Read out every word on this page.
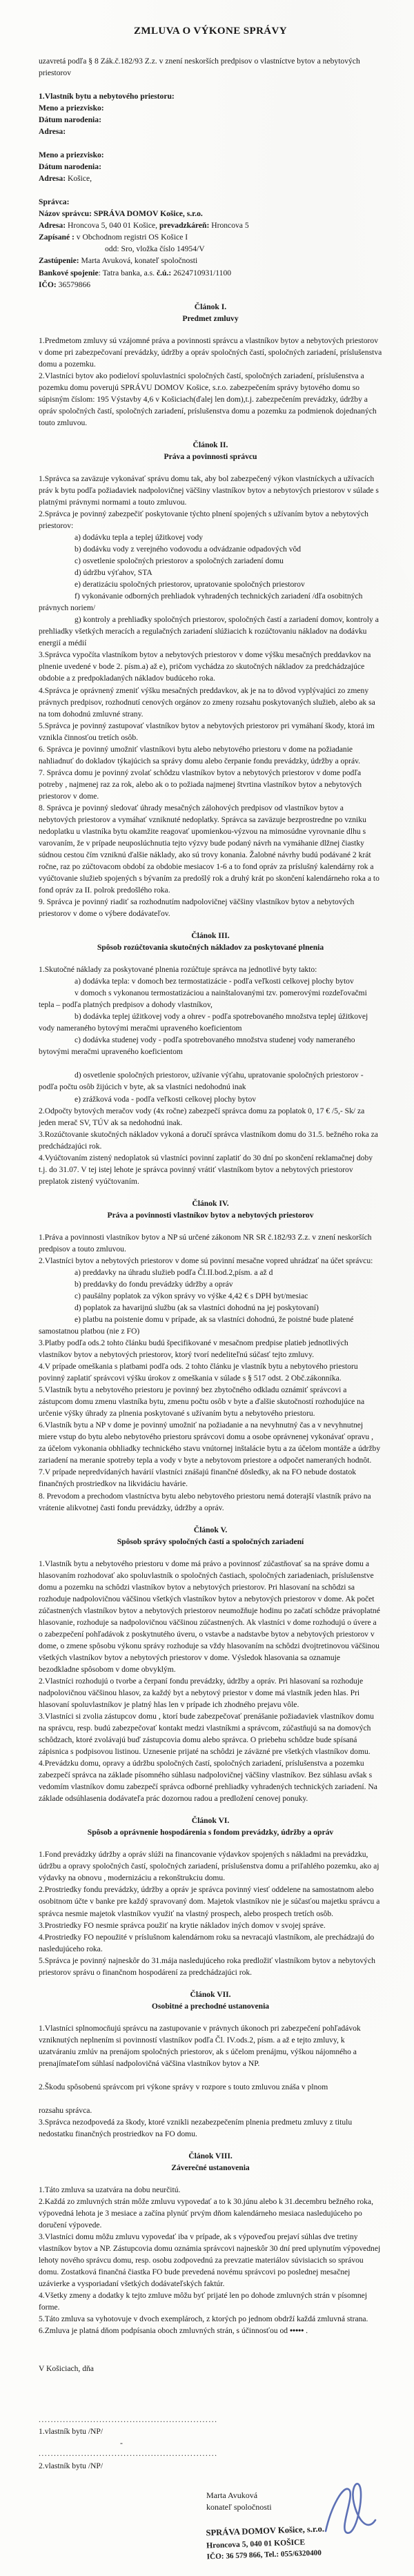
ZMLUVA O VÝKONE SPRÁVY

uzavretá podľa § 8 Zák.č.182/93 Z.z. v znení neskorších predpisov o vlastníctve bytov a nebytových priestorov

1.Vlastník bytu a nebytového priestoru:

Meno a priezvisko:

Dátum narodenia:

Adresa:

Meno a priezvisko:

Dátum narodenia:

Adresa: Košice,

Správca:

Názov správcu: SPRÁVA DOMOV Košice, s.r.o.

Adresa: Hroncova 5, 040 01 Košice, prevadzkáreň: Hroncova 5

Zapísané : v Obchodnom registri OS Košice I

odd: Sro, vložka číslo 14954/V

Zastúpenie: Marta Avuková, konateľ spoločnosti

Bankové spojenie: Tatra banka, a.s. č.ú.: 2624710931/1100

IČO: 36579866

Článok I.

Predmet zmluvy

1.Predmetom zmluvy sú vzájomné práva a povinnosti správcu a vlastníkov bytov a nebytových priestorov v dome pri zabezpečovaní prevádzky, údržby a opráv spoločných častí, spoločných zariadení, príslušenstva domu a pozemku.

2.Vlastníci bytov ako podieloví spoluvlastníci spoločných častí, spoločných zariadení, príslušenstva a pozemku domu poverujú SPRÁVU DOMOV Košice, s.r.o. zabezpečením správy bytového domu so súpisným číslom: 195 Výstavby 4,6 v Košiciach(ďalej len dom),t.j. zabezpečením prevádzky, údržby a opráv spoločných častí, spoločných zariadení, príslušenstva domu a pozemku za podmienok dojednaných touto zmluvou.

Článok II.

Práva a povinnosti správcu

1.Správca sa zaväzuje vykonávať správu domu tak, aby bol zabezpečený výkon vlastníckych a užívacích práv k bytu podľa požiadaviek nadpolovičnej väčšiny vlastníkov bytov a nebytových priestorov v súlade s platnými právnymi normami a touto zmluvou.

2.Správca je povinný zabezpečiť poskytovanie týchto plnení spojených s užívaním bytov a nebytových priestorov:

a) dodávku tepla a teplej úžitkovej vody

b) dodávku vody z verejného vodovodu a odvádzanie odpadových vôd

c) osvetlenie spoločných priestorov a spoločných zariadení domu

d) údržbu výťahov, STA

e) deratizáciu spoločných priestorov, upratovanie spoločných priestorov

f) vykonávanie odborných prehliadok vyhradených technických zariadení /dľa osobitných právnych noriem/

g) kontroly a prehliadky spoločných priestorov, spoločných častí a zariadení domov, kontroly a prehliadky všetkých meracích a regulačných zariadení slúžiacich k rozúčtovaniu nákladov na dodávku energií a médií

3.Správca vypočíta vlastníkom bytov a nebytových priestorov v dome výšku mesačných preddavkov na plnenie uvedené v bode 2. písm.a) až e), pričom vychádza zo skutočných nákladov za predchádzajúce obdobie a z predpokladaných nákladov budúceho roka.

4.Správca je oprávnený zmeniť výšku mesačných preddavkov, ak je na to dôvod vyplývajúci zo zmeny právnych predpisov, rozhodnutí cenových orgánov zo zmeny rozsahu poskytovaných služieb, alebo ak sa na tom dohodnú zmluvné strany.

5.Správca je povinný zastupovať vlastníkov bytov a nebytových priestorov pri vymáhaní škody, ktorá im vznikla činnosťou tretích osôb.

6. Správca je povinný umožniť vlastníkovi bytu alebo nebytového priestoru v dome na požiadanie nahliadnuť do dokladov týkajúcich sa správy domu alebo čerpanie fondu prevádzky, údržby a opráv.

7. Správca domu je povinný zvolať schôdzu vlastníkov bytov a nebytových priestorov v dome podľa potreby , najmenej raz za rok, alebo ak o to požiada najmenej štvrtina vlastníkov bytov a nebytových priestorov v dome.

8. Správca je povinný sledovať úhrady mesačných zálohových predpisov od vlastníkov bytov a nebytových priestorov a vymáhať vzniknuté nedoplatky. Správca sa zaväzuje bezprostredne po vzniku nedoplatku u vlastníka bytu okamžite reagovať upomienkou-výzvou na mimosúdne vyrovnanie dlhu s varovaním, že v prípade neuposlúchnutia tejto výzvy bude podaný návrh na vymáhanie dlžnej čiastky súdnou cestou čím vzniknú ďalšie náklady, ako sú trovy konania. Žalobné návrhy budú podávané 2 krát ročne, raz po zúčtovacom období za obdobie mesiacov 1-6 a to fond opráv za príslušný kalendárny rok a vyúčtovanie služieb spojených s bývaním za predošlý rok a druhý krát po skončení kalendárneho roka a to fond opráv za II. polrok predošlého roka.

9. Správca je povinný riadiť sa rozhodnutím nadpolovičnej väčšiny vlastníkov bytov a nebytových priestorov v dome o výbere dodávateľov.

Článok III.

Spôsob rozúčtovania skutočných nákladov za poskytované plnenia

1.Skutočné náklady za poskytované plnenia rozúčtuje správca na jednotlivé byty takto:

a) dodávka tepla: v domoch bez termostatizácie - podľa veľkosti celkovej plochy bytov

v domoch s vykonanou termostatizáciou a nainštalovanými tzv. pomerovými rozdeľovačmi tepla – podľa platných predpisov a dohody vlastníkov,

b) dodávka teplej úžitkovej vody a ohrev - podľa spotrebovaného množstva teplej úžitkovej vody nameraného bytovými meračmi upraveného koeficientom

c) dodávka studenej vody - podľa spotrebovaného množstva studenej vody nameraného bytovými meračmi upraveného koeficientom

d) osvetlenie spoločných priestorov, užívanie výťahu, upratovanie spoločných priestorov - podľa počtu osôb žijúcich v byte, ak sa vlastníci nedohodnú inak

e) zrážková voda - podľa veľkosti celkovej plochy bytov

2.Odpočty bytových meračov vody (4x ročne) zabezpečí správca domu za poplatok 0, 17 € /5,- Sk/ za jeden merač SV, TÚV ak sa nedohodnú inak.

3.Rozúčtovanie skutočných nákladov vykoná a doručí správca vlastníkom domu do 31.5. bežného roka za predchádzajúci rok.

4.Vyúčtovaním zistený nedoplatok sú vlastníci povinní zaplatiť do 30 dní po skončení reklamačnej doby t.j. do 31.07. V tej istej lehote je správca povinný vrátiť vlastníkom bytov a nebytových priestorov preplatok zistený vyúčtovaním.

Článok IV.

Práva a povinnosti vlastníkov bytov a nebytových priestorov

1.Práva a povinnosti vlastníkov bytov a NP sú určené zákonom NR SR č.182/93 Z.z. v znení neskorších predpisov a touto zmluvou.

2.Vlastníci bytov a nebytových priestorov v dome sú povinní mesačne vopred uhrádzať na účet správcu:

a) preddavky na úhradu služieb podľa Čl.II.bod.2,písm. a až d

b) preddavky do fondu prevádzky údržby a opráv

c) paušálny poplatok za výkon správy vo výške 4,42 € s DPH byt/mesiac

d) poplatok za havarijnú službu (ak sa vlastníci dohodnú na jej poskytovaní)

e) platbu na poistenie domu v prípade, ak sa vlastníci dohodnú, že poistné bude platené samostatnou platbou (nie z FO)

3.Platby podľa ods.2 tohto článku budú špecifikované v mesačnom predpise platieb jednotlivých vlastníkov bytov a nebytových priestorov, ktorý tvorí nedeliteľnú súčasť tejto zmluvy.

4.V prípade omeškania s platbami podľa ods. 2 tohto článku je vlastník bytu a nebytového priestoru povinný zaplatiť správcovi výšku úrokov z omeškania v súlade s § 517 odst. 2 Obč.zákonníka.

5.Vlastník bytu a nebytového priestoru je povinný bez zbytočného odkladu oznámiť správcovi a zástupcom domu zmenu vlastníka bytu, zmenu počtu osôb v byte a ďalšie skutočností rozhodujúce na určenie výšky úhrady za plnenia poskytované s užívaním bytu a nebytového priestoru.

6.Vlastník bytu a NP v dome je povinný umožniť na požiadanie a na nevyhnutný čas a v nevyhnutnej miere vstup do bytu alebo nebytového priestoru správcovi domu a osobe oprávnenej vykonávať opravu , za účelom vykonania obhliadky technického stavu vnútornej inštalácie bytu a za účelom montáže a údržby zariadení na meranie spotreby tepla a vody v byte a nebytovom priestore a odpočet nameraných hodnôt.

7.V prípade nepredvídaných havárií vlastníci znášajú finančné dôsledky, ak na FO nebude dostatok finančných prostriedkov na likvidáciu havárie.

8. Prevodom a prechodom vlastníctva bytu alebo nebytového priestoru nemá doterajší vlastník právo na vrátenie alikvotnej časti fondu prevádzky, údržby a opráv.

Článok V.

Spôsob správy spoločných častí a spoločných zariadení

1.Vlastník bytu a nebytového priestoru v dome má právo a povinnosť zúčastňovať sa na správe domu a hlasovaním rozhodovať ako spoluvlastník o spoločných častiach, spoločných zariadeniach, príslušenstve domu a pozemku na schôdzi vlastníkov bytov a nebytových priestorov. Pri hlasovaní na schôdzi sa rozhoduje nadpolovičnou väčšinou všetkých vlastníkov bytov a nebytových priestorov v dome. Ak počet zúčastnených vlastníkov bytov a nebytových priestorov neumožňuje hodinu po začatí schôdze právoplatné hlasovanie, rozhoduje sa nadpolovičnou väčšinou zúčastnených. Ak vlastníci v dome rozhodujú o úvere a o zabezpečení pohľadávok z poskytnutého úveru, o vstavbe a nadstavbe bytov a nebytových priestorov v dome, o zmene spôsobu výkonu správy rozhoduje sa vždy hlasovaním na schôdzi dvojtretinovou väčšinou všetkých vlastníkov bytov a nebytových priestorov v dome. Výsledok hlasovania sa oznamuje bezodkladne spôsobom v dome obvyklým.

2.Vlastníci rozhodujú o tvorbe a čerpaní fondu prevádzky, údržby a opráv. Pri hlasovaní sa rozhoduje nadpolovičnou väčšinou hlasov, za každý byt a nebytový priestor v dome má vlastník jeden hlas. Pri hlasovaní spoluvlastníkov je platný hlas len v prípade ich zhodného prejavu vôle.

3.Vlastníci si zvolia zástupcov domu , ktorí bude zabezpečovať prenášanie požiadaviek vlastníkov domu na správcu, resp. budú zabezpečovať kontakt medzi vlastníkmi a správcom, zúčastňujú sa na domových schôdzach, ktoré zvolávajú buď zástupcovia domu alebo správca. O priebehu schôdze bude spísaná zápisnica s podpisovou listinou. Uznesenie prijaté na schôdzi je záväzné pre všetkých vlastníkov domu.

4.Prevádzku domu, opravy a údržbu spoločných častí, spoločných zariadení, príslušenstva a pozemku zabezpečí správca na základe písomného súhlasu nadpolovičnej väčšiny vlastníkov. Bez súhlasu avšak s vedomím vlastníkov domu zabezpečí správca odborné prehliadky vyhradených technických zariadení. Na základe odsúhlasenia dodávateľa prác dozornou radou a predložení cenovej ponuky.

Článok VI.

Spôsob a oprávnenie hospodárenia s fondom prevádzky, údržby a opráv

1.Fond prevádzky údržby a opráv slúži na financovanie výdavkov spojených s nákladmi na prevádzku, údržbu a opravy spoločných častí, spoločných zariadení, príslušenstva domu a priľahlého pozemku, ako aj výdavky na obnovu , modernizáciu a rekonštrukciu domu.

2.Prostriedky fondu prevádzky, údržby a opráv je správca povinný viesť oddelene na samostatnom alebo osobitnom účte v banke pre každý spravovaný dom. Majetok vlastníkov nie je súčasťou majetku správcu a správca nesmie majetok vlastníkov využiť na vlastný prospech, alebo prospech tretích osôb.

3.Prostriedky FO nesmie správca použiť na krytie nákladov iných domov v svojej správe.

4.Prostriedky FO nepoužité v príslušnom kalendárnom roku sa nevracajú vlastníkom, ale prechádzajú do nasledujúceho roka.

5.Správca je povinný najneskôr do 31.mája nasledujúceho roka predložiť vlastníkom bytov a nebytových priestorov správu o finančnom hospodárení za predchádzajúci rok.

Článok VII.

Osobitné a prechodné ustanovenia

1.Vlastníci splnomocňujú správcu na zastupovanie v právnych úkonoch pri zabezpečení pohľadávok vzniknutých neplnením si povinností vlastníkov podľa Čl. IV.ods.2, písm. a až e tejto zmluvy, k uzatváraniu zmlúv na prenájom spoločných priestorov, ak s účelom prenájmu, výškou nájomného a prenajímateľom súhlasí nadpolovičná väčšina vlastníkov bytov a NP.

2.Škodu spôsobenú správcom pri výkone správy v rozpore s touto zmluvou znáša v plnom

rozsahu správca.

3.Správca nezodpovedá za škody, ktoré vznikli nezabezpečením plnenia predmetu zmluvy z titulu nedostatku finančných prostriedkov na FO domu.

Článok VIII.

Záverečné ustanovenia

1.Táto zmluva sa uzatvára na dobu neurčitú.

2.Každá zo zmluvných strán môže zmluvu vypovedať a to k 30.júnu alebo k 31.decembru bežného roka, výpovedná lehota je 3 mesiace a začína plynúť prvým dňom kalendárneho mesiaca nasledujúceho po doručení výpovede.

3.Vlastníci domu môžu zmluvu vypovedať iba v prípade, ak s výpoveďou prejaví súhlas dve tretiny vlastníkov bytov a NP. Zástupcovia domu oznámia správcovi najneskôr 30 dní pred uplynutím výpovednej lehoty nového správcu domu, resp. osobu zodpovednú za prevzatie materiálov súvisiacich so správou domu. Zostatková finančná čiastka FO bude prevedená novému správcovi po poslednej mesačnej uzávierke a vysporiadaní všetkých dodávateľských faktúr.

4.Všetky zmeny a dodatky k tejto zmluve môžu byť prijaté len po dohode zmluvných strán v písomnej forme.

5.Táto zmluva sa vyhotovuje v dvoch exemplároch, z ktorých po jednom obdrží každá zmluvná strana.

6.Zmluva je platná dňom podpísania oboch zmluvných strán, s účinnosťou od ••••• .

V Košiciach, dňa

...........................................................

1.vlastník bytu /NP/

-

...........................................................

2.vlastník bytu /NP/

Marta Avuková

konateľ spoločnosti

SPRÁVA DOMOV Košice, s.r.o.

Hroncova 5, 040 01 KOŠICE

IČO: 36 579 866, Tel.: 055/6320400
